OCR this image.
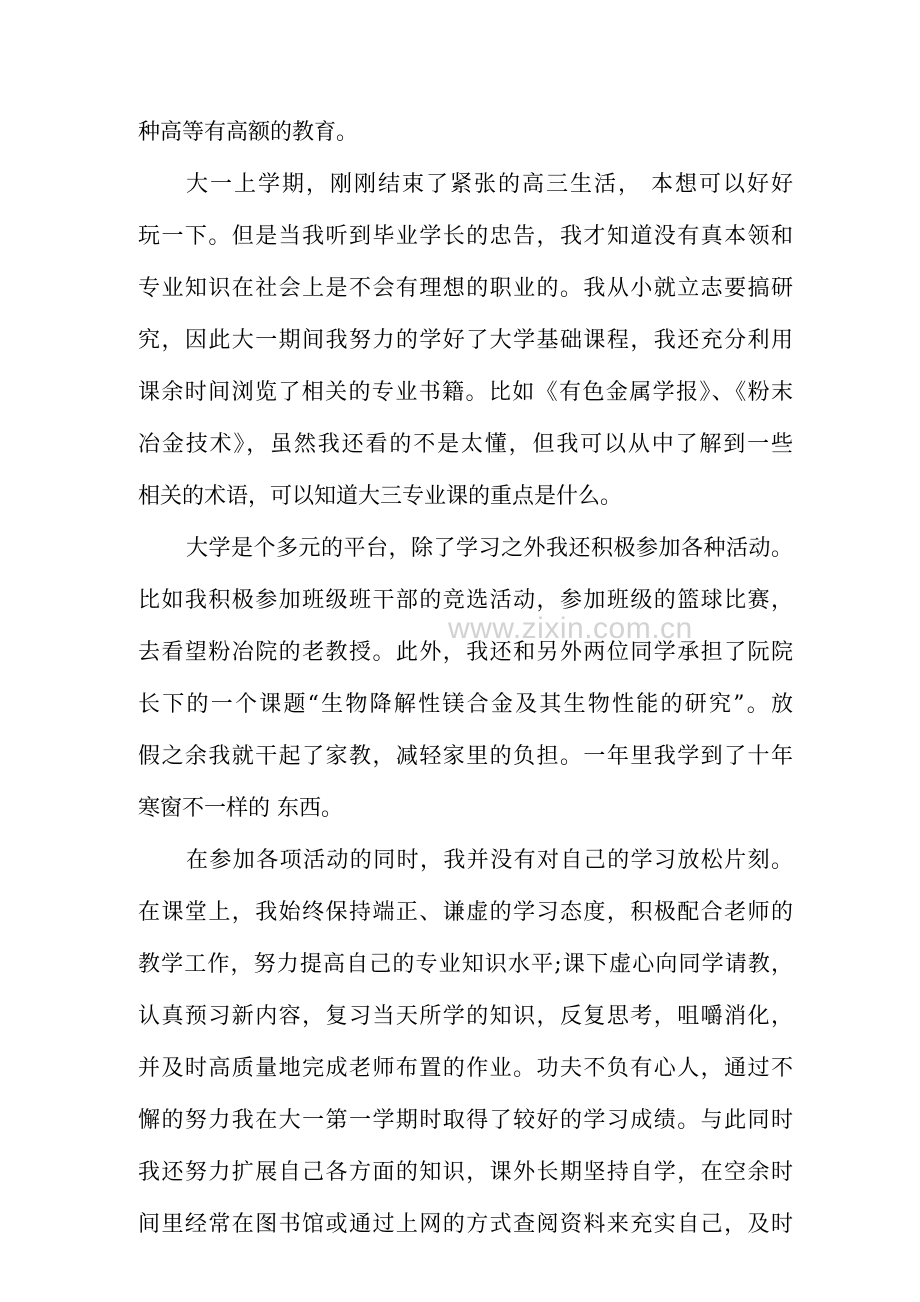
www.zixin.com.cn
种高等有高额的教育。
大一上学期，刚刚结束了紧张的高三生活， 本想可以好好
玩一下。但是当我听到毕业学长的忠告，我才知道没有真本领和
专业知识在社会上是不会有理想的职业的。我从小就立志要搞研
究，因此大一期间我努力的学好了大学基础课程，我还充分利用
课余时间浏览了相关的专业书籍。比如《有色金属学报》、《粉末
冶金技术》，虽然我还看的不是太懂，但我可以从中了解到一些
相关的术语，可以知道大三专业课的重点是什么。
大学是个多元的平台，除了学习之外我还积极参加各种活动。
比如我积极参加班级班干部的竞选活动，参加班级的篮球比赛，
去看望粉冶院的老教授。此外，我还和另外两位同学承担了阮院
长下的一个课题“生物降解性镁合金及其生物性能的研究”。放
假之余我就干起了家教，减轻家里的负担。一年里我学到了十年
寒窗不一样的 东西。
在参加各项活动的同时，我并没有对自己的学习放松片刻。
在课堂上，我始终保持端正、谦虚的学习态度，积极配合老师的
教学工作，努力提高自己的专业知识水平;课下虚心向同学请教，
认真预习新内容，复习当天所学的知识，反复思考，咀嚼消化，
并及时高质量地完成老师布置的作业。功夫不负有心人，通过不
懈的努力我在大一第一学期时取得了较好的学习成绩。与此同时
我还努力扩展自己各方面的知识，课外长期坚持自学，在空余时
间里经常在图书馆或通过上网的方式查阅资料来充实自己，及时
